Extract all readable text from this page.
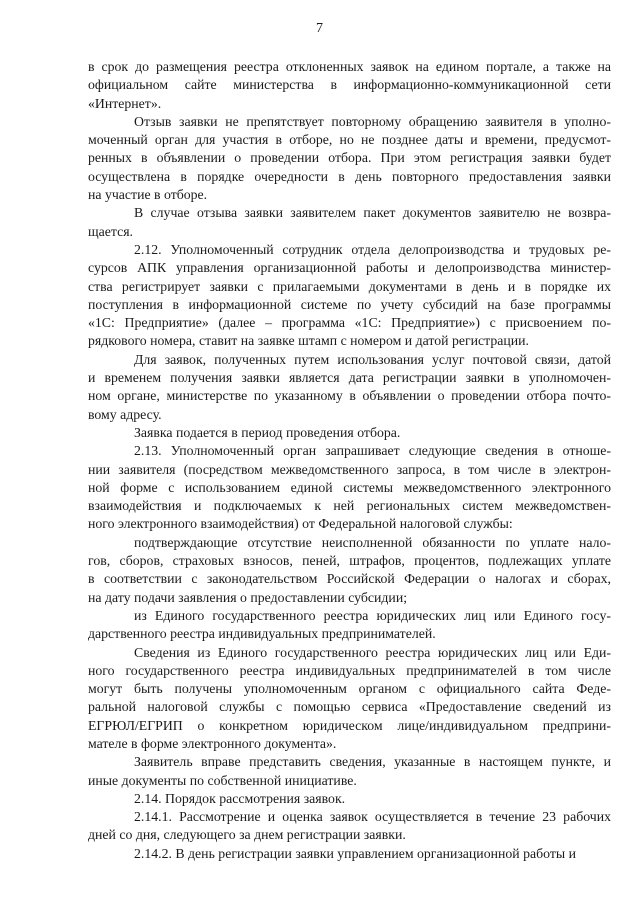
7
в срок до размещения реестра отклоненных заявок на едином портале, а также на
официальном сайте министерства в информационно-коммуникационной сети
«Интернет».
Отзыв заявки не препятствует повторному обращению заявителя в уполно-
моченный орган для участия в отборе, но не позднее даты и времени, предусмот-
ренных в объявлении о проведении отбора. При этом регистрация заявки будет
осуществлена в порядке очередности в день повторного предоставления заявки
на участие в отборе.
В случае отзыва заявки заявителем пакет документов заявителю не возвра-
щается.
2.12. Уполномоченный сотрудник отдела делопроизводства и трудовых ре-
сурсов АПК управления организационной работы и делопроизводства министер-
ства регистрирует заявки с прилагаемыми документами в день и в порядке их
поступления в информационной системе по учету субсидий на базе программы
«1С: Предприятие» (далее – программа «1С: Предприятие») с присвоением по-
рядкового номера, ставит на заявке штамп с номером и датой регистрации.
Для заявок, полученных путем использования услуг почтовой связи, датой
и временем получения заявки является дата регистрации заявки в уполномочен-
ном органе, министерстве по указанному в объявлении о проведении отбора почто-
вому адресу.
Заявка подается в период проведения отбора.
2.13. Уполномоченный орган запрашивает следующие сведения в отноше-
нии заявителя (посредством межведомственного запроса, в том числе в электрон-
ной форме с использованием единой системы межведомственного электронного
взаимодействия и подключаемых к ней региональных систем межведомствен-
ного электронного взаимодействия) от Федеральной налоговой службы:
подтверждающие отсутствие неисполненной обязанности по уплате нало-
гов, сборов, страховых взносов, пеней, штрафов, процентов, подлежащих уплате
в соответствии с законодательством Российской Федерации о налогах и сборах,
на дату подачи заявления о предоставлении субсидии;
из Единого государственного реестра юридических лиц или Единого госу-
дарственного реестра индивидуальных предпринимателей.
Сведения из Единого государственного реестра юридических лиц или Еди-
ного государственного реестра индивидуальных предпринимателей в том числе
могут быть получены уполномоченным органом с официального сайта Феде-
ральной налоговой службы с помощью сервиса «Предоставление сведений из
ЕГРЮЛ/ЕГРИП о конкретном юридическом лице/индивидуальном предприни-
мателе в форме электронного документа».
Заявитель вправе представить сведения, указанные в настоящем пункте, и
иные документы по собственной инициативе.
2.14. Порядок рассмотрения заявок.
2.14.1. Рассмотрение и оценка заявок осуществляется в течение 23 рабочих
дней со дня, следующего за днем регистрации заявки.
2.14.2. В день регистрации заявки управлением организационной работы и
